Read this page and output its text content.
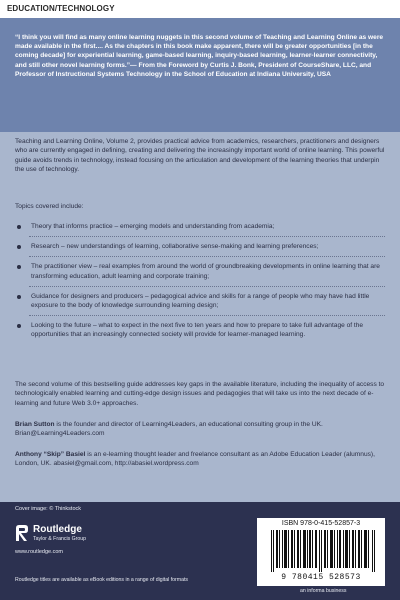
EDUCATION/TECHNOLOGY

“I think you will find as many online learning nuggets in this second volume of Teaching and Learning Online as were made available in the first.... As the chapters in this book make apparent, there will be greater opportunities [in the coming decade] for experiential learning, game-based learning, inquiry-based learning, learner-learner connectivity, and still other novel learning forms.”— From the Foreword by Curtis J. Bonk, President of CourseShare, LLC, and Professor of Instructional Systems Technology in the School of Education at Indiana University, USA

Teaching and Learning Online, Volume 2, provides practical advice from academics, researchers, practitioners and designers who are currently engaged in defining, creating and delivering the increasingly important world of online learning. This powerful guide avoids trends in technology, instead focusing on the articulation and development of the learning theories that underpin the use of technology.

Topics covered include:

Theory that informs practice – emerging models and understanding from academia;
Research – new understandings of learning, collaborative sense-making and learning preferences;
The practitioner view – real examples from around the world of groundbreaking developments in online learning that are transforming education, adult learning and corporate training;
Guidance for designers and producers – pedagogical advice and skills for a range of people who may have had little exposure to the body of knowledge surrounding learning design;
Looking to the future – what to expect in the next five to ten years and how to prepare to take full advantage of the opportunities that an increasingly connected society will provide for learner-managed learning.

The second volume of this bestselling guide addresses key gaps in the available literature, including the inequality of access to technologically enabled learning and cutting-edge design issues and pedagogies that will take us into the next decade of e-learning and future Web 3.0+ approaches.

Brian Sutton is the founder and director of Learning4Leaders, an educational consulting group in the UK. Brian@Learning4Leaders.com

Anthony “Skip” Basiel is an e-learning thought leader and freelance consultant as an Adobe Education Leader (alumnus), London, UK. abasiel@gmail.com, http://abasiel.wordpress.com

Cover image: © Thinkstock
Routledge
Taylor & Francis Group
www.routledge.com
Routledge titles are available as eBook editions in a range of digital formats
ISBN 978-0-415-52857-3
9 780415 528573
an informa business
